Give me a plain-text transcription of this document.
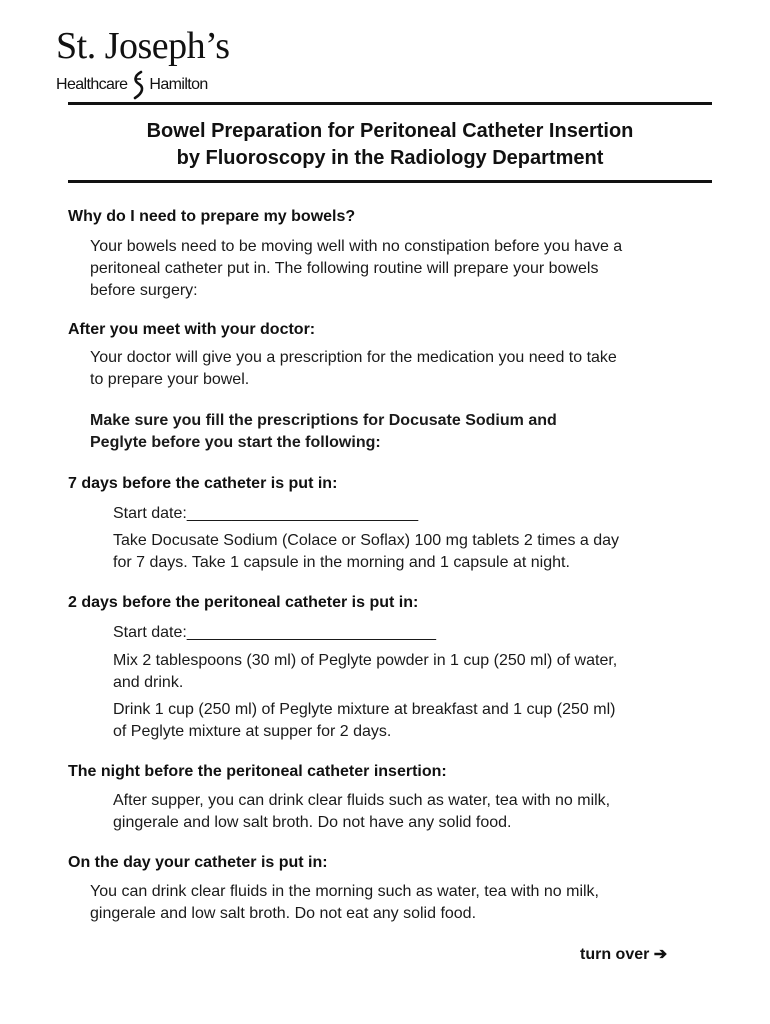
St. Joseph’s
Healthcare Hamilton
Bowel Preparation for Peritoneal Catheter Insertion
by Fluoroscopy in the Radiology Department
Why do I need to prepare my bowels?
Your bowels need to be moving well with no constipation before you have a
peritoneal catheter put in. The following routine will prepare your bowels
before surgery:
After you meet with your doctor:
Your doctor will give you a prescription for the medication you need to take
to prepare your bowel.
Make sure you fill the prescriptions for Docusate Sodium and
Peglyte before you start the following:
7 days before the catheter is put in:
Start date:__________________________
Take Docusate Sodium (Colace or Soflax) 100 mg tablets 2 times a day
for 7 days. Take 1 capsule in the morning and 1 capsule at night.
2 days before the peritoneal catheter is put in:
Start date:____________________________
Mix 2 tablespoons (30 ml) of Peglyte powder in 1 cup (250 ml) of water,
and drink.
Drink 1 cup (250 ml) of Peglyte mixture at breakfast and 1 cup (250 ml)
of Peglyte mixture at supper for 2 days.
The night before the peritoneal catheter insertion:
After supper, you can drink clear fluids such as water, tea with no milk,
gingerale and low salt broth. Do not have any solid food.
On the day your catheter is put in:
You can drink clear fluids in the morning such as water, tea with no milk,
gingerale and low salt broth. Do not eat any solid food.
turn over ➔
